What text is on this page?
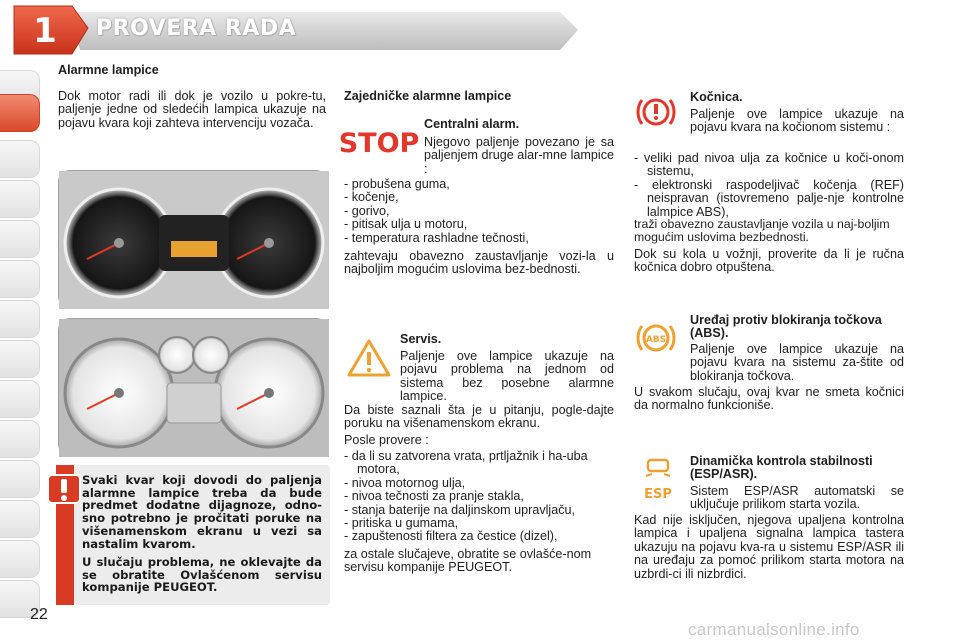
1	PROVERA RADA
Alarmne lampice
Dok motor radi ili dok je vozilo u pokre-tu, paljenje jedne od sledećih lampica ukazuje na pojavu kvara koji zahteva intervenciju vozača.
Svaki kvar koji dovodi do paljenja alarmne lampice treba da bude predmet dodatne dijagnoze, odno-sno potrebno je pročitati poruke na višenamenskom ekranu u vezi sa nastalim kvarom.
U slučaju problema, ne oklevajte da se obratite Ovlašćenom servisu kompanije PEUGEOT.
Zajedničke alarmne lampice
STOP
Centralni alarm.
Njegovo paljenje povezano je sa paljenjem druge alar-mne lampice :
- probušena guma,
- kočenje,
- gorivo,
- pitisak ulja u motoru,
- temperatura rashladne tečnosti,
zahtevaju obavezno zaustavljanje vozi-la u najboljim mogućim uslovima bez-bednosti.
Servis.
Paljenje ove lampice ukazuje na pojavu problema na jednom od sistema bez posebne alarmne lampice.
Da biste saznali šta je u pitanju, pogle-dajte poruku na višenamenskom ekranu.
Posle provere :
- da li su zatvorena vrata, prtljažnik i ha-uba motora,
- nivoa motornog ulja,
- nivoa tečnosti za pranje stakla,
- stanja baterije na daljinskom upravljaču,
- pritiska u gumama,
- zapuštenosti filtera za čestice (dizel),
za ostale slučajeve, obratite se ovlašće-nom servisu kompanije PEUGEOT.
Kočnica.
Paljenje ove lampice ukazuje na pojavu kvara na kočionom sistemu :
- veliki pad nivoa ulja za kočnice u koči-onom sistemu,
- elektronski raspodeljivač kočenja (REF) neispravan (istovremeno palje-nje kontrolne lalmpice ABS),
traži obavezno zaustavljanje vozila u naj-boljim mogućim uslovima bezbednosti.
Dok su kola u vožnji, proverite da li je ručna kočnica dobro otpuštena.
ABS
Uređaj protiv blokiranja točkova (ABS).
Paljenje ove lampice ukazuje na pojavu kvara na sistemu za-štite od blokiranja točkova.
U svakom slučaju, ovaj kvar ne smeta kočnici da normalno funkcioniše.
ESP
Dinamička kontrola stabilnosti (ESP/ASR).
Sistem ESP/ASR automatski se uključuje prilikom starta vozila.
Kad nije isključen, njegova upaljena kontrolna lampica i upaljena signalna lampica tastera ukazuju na pojavu kva-ra u sistemu ESP/ASR ili na uređaju za pomoć prilikom starta motora na uzbrdi-ci ili nizbrdici.
22
carmanualsonline.info
